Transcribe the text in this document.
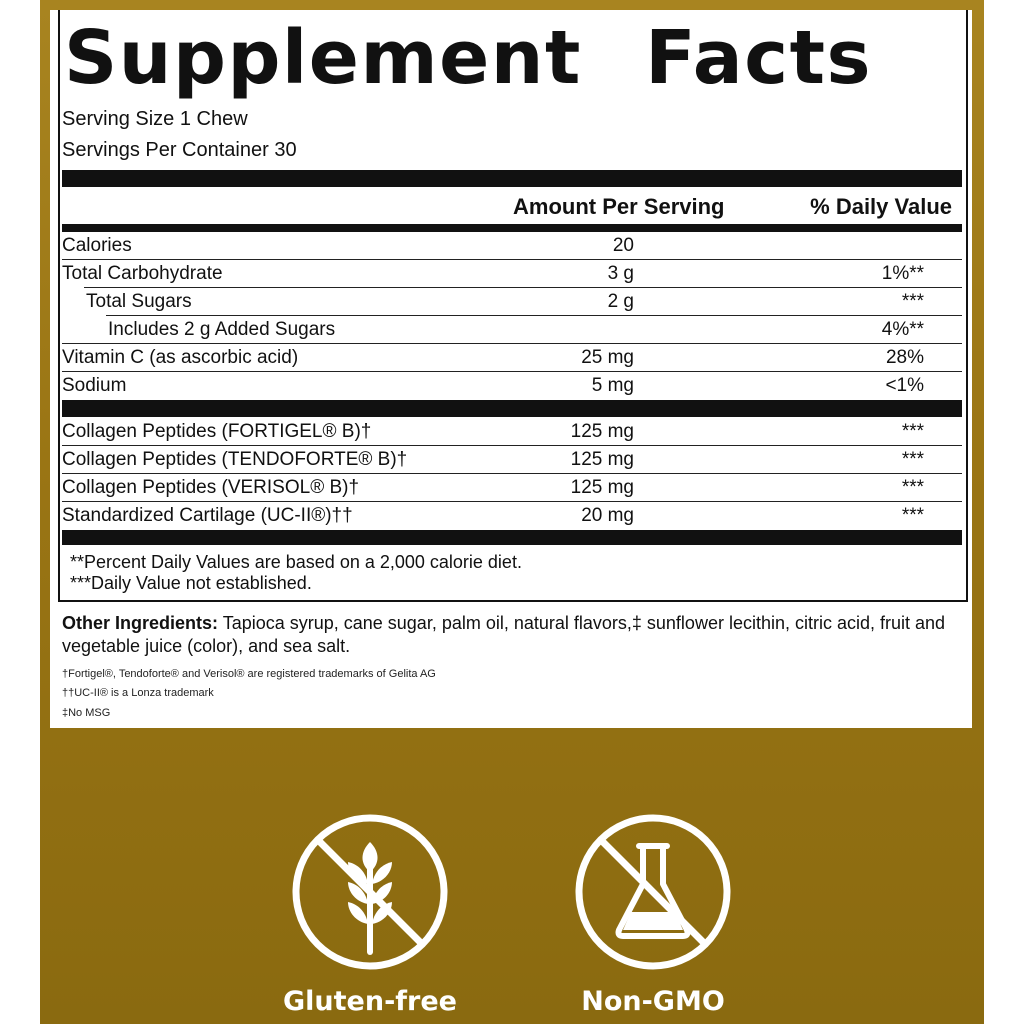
Supplement Facts
Serving Size 1 Chew
Servings Per Container 30
Amount Per Serving	% Daily Value
Calories	20
Total Carbohydrate	3 g	1%**
Total Sugars	2 g	***
Includes 2 g Added Sugars	4%**
Vitamin C (as ascorbic acid)	25 mg	28%
Sodium	5 mg	<1%
Collagen Peptides (FORTIGEL® B)†	125 mg	***
Collagen Peptides (TENDOFORTE® B)†	125 mg	***
Collagen Peptides (VERISOL® B)†	125 mg	***
Standardized Cartilage (UC-II®)††	20 mg	***
**Percent Daily Values are based on a 2,000 calorie diet.
***Daily Value not established.
Other Ingredients: Tapioca syrup, cane sugar, palm oil, natural flavors,‡ sunflower lecithin, citric acid, fruit and vegetable juice (color), and sea salt.
†Fortigel®, Tendoforte® and Verisol® are registered trademarks of Gelita AG
††UC-II® is a Lonza trademark
‡No MSG
Gluten-free	Non-GMO
